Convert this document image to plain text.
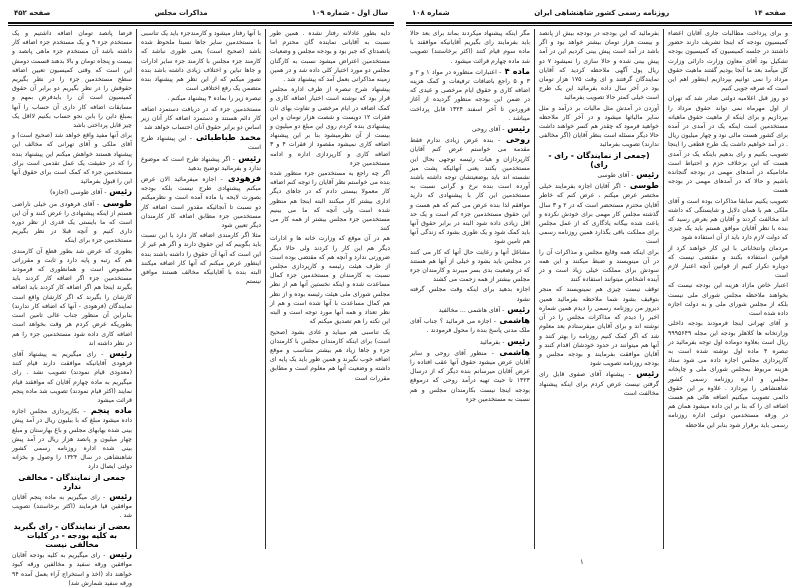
سال اول - شماره ۱۰۹
مذاکرات مجلس
صفحه ۴۵۲

دایه بطور عادلانه رفتار نشده . همین طور نسبت به آقایانی نماینده گان محترم اما پانصدتاي که جبر بود و بودجه مجلس و وضعیات مستخدمین اعتراض میشود نسبت به کارگنان مجلس دو مورد اختیار کلی داده شد و در همین زمینه مذاکراتی بعمل آمد که پیشنهاد شد .

پیشنهاد شرح تبصره از طرف اداره مجلس قرار بود که نوشته است اختیار اضافه کاری و کمک اضافه در ایام مرخصی و تفاوت بهای نان فقرات ۱۲ دویست و شصت هزار تومان و این پیشنهادی بنده کردم روی این مبلغ دو میلیون و بیست از آن نظرمیشود بنا بر این پیشنهاد اضافه کاری نمیشود مقصود از فقرات ۴ و ۳ اضافه کاری و کارپردازی اداره و ادامه مستخدمین جزء

اگر چه راجع به مستخدمین جزء منظور شده بنده می خواستم نظر آقایان را توجه کنم اضافه کار معمولا بیستی دادم که در جاهای دیگر اداری بیشتر کار میکنند البته اینجا هم منظور شده است ولی آنچه که ما می بینیم مستخدمین جزء مجلس بیشتر از همه کار می کنند

هم در آن موقع که وزارت خانه ها و ادارات دیگر هم این کار را کردند ولی حالا دیگر ضرورتی ندارد و آنچه هم که مقتضی بوده است از طرف هیئت رئیسه و کارپردازی مجلس نسبت به کارمندان و مستخدمین جزء کمال مساعدت شده و اینکه نخستین آنها هم از نظر مجلس شورای ملی هیئت رئیسه بوده و از نظر هم کمال مساعدت با آنها شده است و هم از نظر تعداد و همه آنها مورد توجه است و البته این نکته را هم تصدیق میکنم که

یک تناسبی هم میباید و عادی بشود (صحیح است) برای اینکه کارمندان مجلس با کارمندان جزء و جاها زیاد هم بیشتر متناسب و موقع اضافه خوب نگیرند و همین طور باید یک پایه ای داشته و وضعیت آنها هم معلوم است و مطابق مقررات است

با آنها رفتار میشود و کارمندجزء باید یک تناسبی با مستخدمین سایر جاها نسبتا ملحوظ شده باشد (صحیح است) یعنی طوری نباشد که کارمند جزء مجلس با کارمند جزء سایر ادارات و جاها تباین و اختلاف زیادی داشته باشد بنده تصور میکنم که از این نظر هم پیشنهاد بنده متضمن یک رفع اختلافی است

تبصره زیر را بماده ۴ پیشنهاد میکنم .

مستخدمین جزء که در دریافت دستمزد اضافه کار دائم هستند و دستمزد اضافه کار آنان زیر اساس دو برابر حقوق آنان احتساب خواهد شد

محمد طباطبائی - این پیشنهاد طرح است

رئیس - اگر پیشنهاد طرح است که موضوع ندارد و بفرمائید توضیح بدهید

فرهودی - اجازه میفرمائید الان عرض میکنم پیشنهادی طرح نیست بلکه بودجه بصورت لایحه یا ماده آمده است و نظرمیکنم دو نسبت تا آنجائیکه مقدور است اضافه کار مستخدمین جزء مطابق اضافه کار کارمندان دیگر تعیین شود

مثلا اگر کارمندی اضافه کار دارد با این نسبت باید بگوییم که این حقوق دارند و اگر هم غیر از این است که آنها آن حقوق را داشته باشند بنده اینطور عرض میکنم که آنها کار اضافه میکنند البته بنده با آقایانیکه مخالف هستند موافق نیستم

فرضا پانصد تومان اضافه داشتیم و یک مستخدم جزء ۹ و یک مستخدم جزء اضافه کار داشته باشد آن مستخدم جزء ماهی پانصد و بیست و پنجاه تومان و بالا بدهند قسمت دومش این است که وقتی کمیسیون تعیین اضافه سطح مستخدمین جزء را در نظر بگیریم حقوقش را در نظر بگیریم دو برابر آن حقوق کمیسیون است آن را بایدفرض بمهم و مسابقات اضافه کار داری آن حساب را آنها بمبلغ داین را بابن نحو حساب بکنیم لااقل یک چیز قابل پرداختی باشد

برای آنها مفید واقع خواهد شد (صحیح است) و آقای ملکی و آقای تهرانی که مخالف این پیشنهاد هستند خواهش میکنم این پیشنهاد بنده را که در حقیقت یک عمل تقدمی است برای مستخدمین جزء که کمک است برای حقوق آنها این را قبول بفرمائید

رئیس - آقای طوسی (اجازه)

طوسی - آقای فرهودی من خیلی ناراضی هستم از اینکه پیشنهادی را عرض کنند و آن این است که ما بایستی یک قدری از نظر دوره داری کنیم و آنچه قبلا در نظر بگیریم مستخدمین جزء برای اینکه

بطوری که عرض شد بطور قطع آن کارمندی هم که رتبه و پایه دارد و ثابت و مقرراتی مخصوص است و همانطوری که فرمودند مستخدمین جزء اگر اضافه کار کردند باید بگیرند اینجا هم اگر اضافه کار کردند باید اضافه کارشان را بگیرند که اگر کارشان واقع است نمایندگان (فرهودی - آنها که اضافه کار ندارند) بنابراین آن منظور جناب عالی تامین است بطوریکه عرض کردم هر وقت بخواهد است اضافه کاری داده شود مستخدمین جزء را هم در نظر داشته اند

رئیس - رای میگیریم به پیشنهاد آقای فرهودی آقایانیکه موافقت دارند قیام کنند (معدودی قیام نمودند) تصویب نشد . رای میگیریم به ماده چهارم آقایان که موافقند قیام نمایند (اکثر قیام نمودند) تصویب شد ماده پنجم قرائت میشود

ماده پنجم - بکارپردازی مجلس اجازه داده میشود مبلغ که با بیلیون ریال در آمد پیش بینی شده بهابهای مجلس و باغ بهارستان و مبلغ چهار میلیون و پانصد هزار ریال در آمد پیش بینی شده اداره روزنامه رسمی کشور شاهنشاهی در سال ۱۳۲۴ را وصول و بخزانه دولتی ایصال دارد

جمعی از نمایندگان - مخالفی ندارد

رئیس - رای میگیریم به ماده پنجم آقایان موافقین قیا فرمایند (اکثر برخاستند) تصویب شد .

بعضی از نمایندگان - رای بگیرید به کلیه بودجه - در کلیات مخالفی نیست

رئیس - رای میگیریم به کلیه بودجه آقایان موافقین ورقه سفید و مخالفین ورقه کبود خواهند داد (اخذ و استخراج آراء بعمل آمده ۹۴ ورقه سفید شمارش شد)

صفحه ۱۴
روزنامه رسمی کشور شاهنشاهی ایران
شماره ۱۰۸

و برای پرداخت مطالبات جاری آقایان اعضاء کمیسیون بودجه که اینجا تشریف دارند حضور داشتند در جلسه کمیسیون که کمیسیون بودجه تشکیل بود آقای معاون وزارت دارائی وزارت کل میآمد بعد ما آنجا بودیم گفتند ماهیت حقوق مرداد را نمی توانیم بپردازیم اینطور اهم این است که صرفه جویی کنیم

دو روز قبل اعلامیه دولتی صادر شد که تهران از اول مهرماه نمی تواند حقوق مرداد را بپردازیم و برای اینکه از ماهیت حقوق ماهیانه مستخدمین است اینکه یک در آمدی در آمده برای کشور هست مالی نود و چهار میلیون ریال . در آمد خواهیم داشت یک طرح قطعی را اینجا تصویب بکنیم و رای بدهیم باینکه یک در آمدی هست که این برخلاف حزم و احتیاط است مادامیکه در آمدهای مهمی در بودجه گنجانده باشیم و حالا که در آمدهای مهمی در بودجه هست

تصویب یکنیم سابقا مذاکرات بوده است و آقای ملکی هم با همان دلایل و شایستگی که داشته اند مخالفت کردند و آقایان هم بعرض رسید که بنده با نظر آقایان موافق هستم باید یک چیزی که دولت لازم دارد باید از آن استفاده شود

مردمان وانتخاباتی با این کار خواهند کرد از قوانین استفاده بکنند و مقتضی نیست که دوباره تکرار کنیم از قوانین آنچه اعتبار لازم است

اعتبار خاص مازاد هزینه این بودجه نیست که بخواهند ملاحظه مجلس شورای ملی نیست بلکه از مجلس شورای ملی و به دولت اجازه داده شده است

و آقای تهرانی اینجا فرمودند بودجه داخلی وزارتخانه ها کلاهلر بودجه این مجله ۹۹۹۵۶۴۹ ریال است بعلاوه دوماده اول توجه بفرمائید در تبصره ۴ ماده اول نوشته شده است به کارپردازی مجلس اجازه داده می شود ستاد هزینه مربوط بمجلس شورای ملی و چاپخانه مجلس و اداره روزنامه رسمی کشور شاهنشاهی را بپردازد . علاوه بر این حقوق دائمی تصویب میکنیم اضافه هائی هم هست اضافه ای را که بنا بر این داده میشود همان هم در ورقه مستخدمین دولتی اداره روزنامه رسمی باید برقرار شود بنابر این ملاحظه

بفرمائید که این بودجه در بودجه بیش از پانصد و بیست هزار تومان بیشتر خواهد بود و اگر باشد در آمد است پیش بینی کردیم این در آمد پیش بینی شده و حالا سازی را نمیشود ۷ دو ریال پول آگهی ملاحظه کردید که آقایان نمایندگان گرفتند و ای وقت ۱۷۵ هزار تومان بود در آخر سال داده بفرمائید این یک طرح است خیلی کمتر حالا تصویب بفرمائید

آوردن در آمدش مثل مالیات بر درآمد و مثل سایر مالیاتها میشود و در آخر کار ملاحظه خواهید فرمود که چقدر هم کسر خواهند داشت حالا دیگر مسئله است بنظر آقایان (اگر مخالفی ندارند) تصویب بفرمائید

(جمعی از نمایندگان - رای - رای)

رئیس - آقای طوسی

طوسی - اگر آقایان اجازه بفرمایند خیلی مختصر عرض میکنم ، عرض کنم که خاطر آقایان محترم مستحضر است که در ۲ و ۳ سال گذشته مجلس کار مهمی برای خودش نکرده و باعث شده بیگانه یادگاری که از عمل مجلس برای مملکت باقی بگذارد همین روزنامه رسمی است

برای اینکه همه وقایع مجلس و مذاکرات آن را در آن مینویسند و ضبط میکنند و این همه سودش برای مملکت خیلی زیاد است و در آینده اشخاص میتوانند استفاده کنند

توقف نیست چیزی هم نمینویسند که منجر بتوقیف بشود شما ملاحظه بفرمائید همین دیروز من روزنامه رسمی را دیدم همین شماره اخیر را دیدم که مذاکرات مجلس را در آن نوشته اند و برای آقایان میفرستادم بعد معلوم شد که اگر کمک کنیم روزنامه را بهتر کنند و آنها هم میتوانند در حدود خودشان اقدام کنند و آقایان موافقت بفرمایند و بودجه مجلس و بودجه روزنامه تصویب شود

رئیس - پیشنهاد آقای صفوی قابل رای گرفتن نیست عرض کردم برای اینکه پیشنهاد مخالفت است

مگر اینکه پیشنهاد میکردند بماند برای بعد حالا باید بفرمایند رای بگیریم آقایانیکه موافقند با ماده سوم قیام کنند (اکثر برخاستند) تصویب شد ماده چهارم قرائت میشود .

ماده ۴ - اعتبارات منظوره در مواد ۱ و ۲ و ۳ و ۵ راجع باضافات ترفیعات و کمک هزینه اضافه کاری و حقوق ایام مرخصی و عیدی که در ضمن این بودجه منظور گردیده از آغاز فروردین تا آخر اسفند ۱۳۲۴ قابل پرداخت میباشد .

رئیس - آقای روحی

روحی - بنده عرض زیادی ندارم فقط مقدمة می خواستم عرض کنم آقایان کارپردازان و هیات رئیسه توجهی بحال این مستخدمین بکنند یعنی آنهائیکه پشت میز نشسته اند باید بوضعیتشان توجه داشته باشند آورده است بنده نرخ و گرانی نسبت به مستخدمین این کار با پیشنهادی که دارید موافقم لذا بنده عرض می کنم که هم هست و این حقوق مستخدمین جزء کم است و یک حد اقل زیادی داده شود البته در برابر حقوق آنها باید کمک شود و یک طوری بشود که زندگی آنها هم تامین شود

مشاغل آنها و رعایت حال آنها که کار می کنند در مجلس باید بشود و خیلی از آنها هم هستند که در وضعیت بدی بسر میبرند و کارمندان جزء مجلس بیشتر از همه زحمت می کشند

اجازه بدهید برای اینکه وقت مجلس گرفته نشود

رئیس - آقای هاشمی ... مخالفید

هاشمی - اجازه می فرمائید ؟ جناب آقای ملک مدنی پاسخ بنده را محول فرمودند .

رئیس - بفرمائید

هاشمی - منظور آقای روحی و سایر آقایان عرض میشود حقوق آنها عقب افتاده را عرض آقایان میرسانم بنده دیگر که از درسال ۱۳۲۳ تا حیث تهیه درآمد روحی که درموقع بودجه اینجا نیست بکارمندان مجلس و هم نسبت به مستخدمین جزء

۱
